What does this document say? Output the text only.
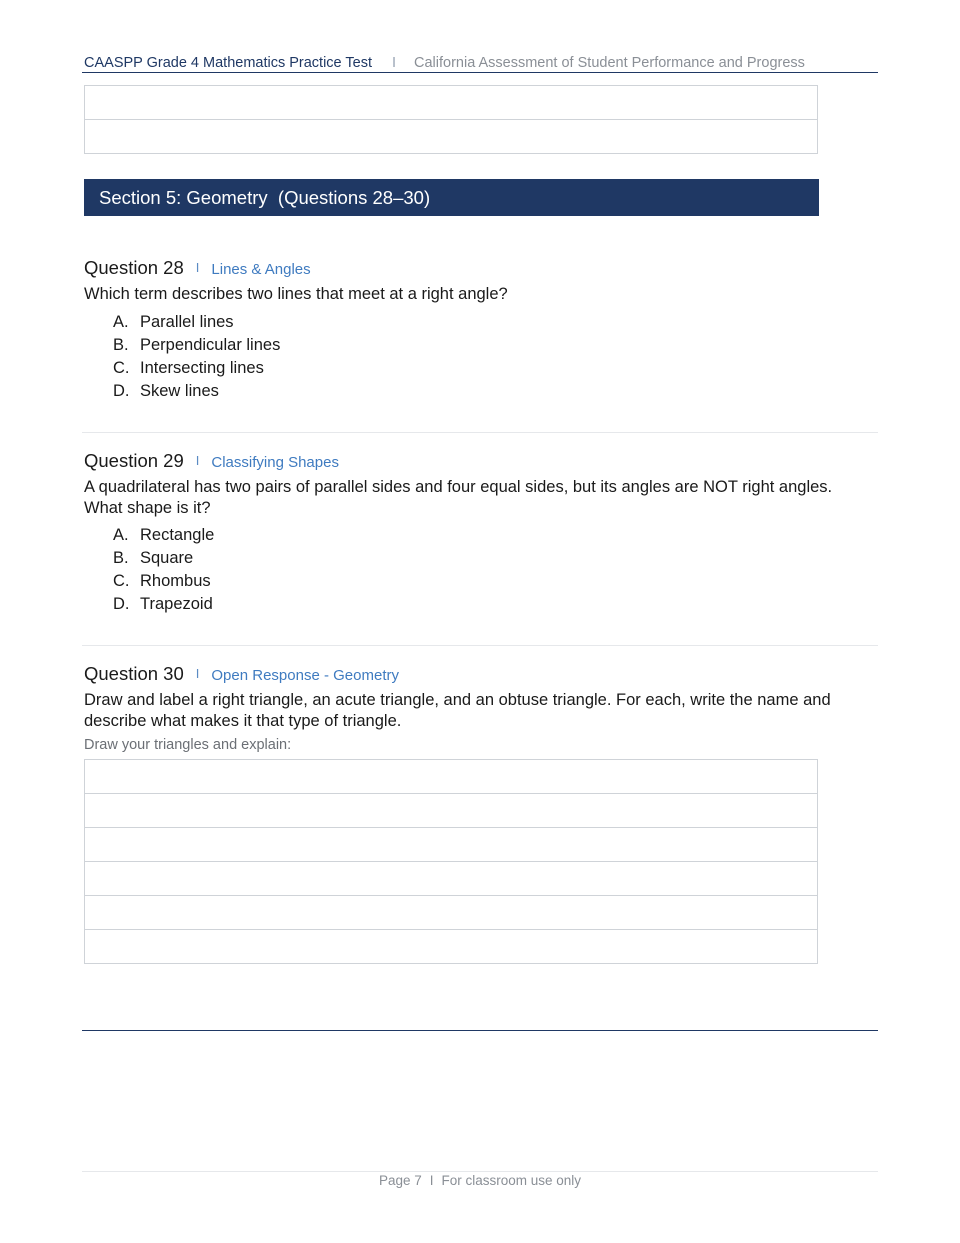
CAASPP Grade 4 Mathematics Practice Test I California Assessment of Student Performance and Progress
Section 5: Geometry  (Questions 28–30)
Question 28 I Lines & Angles
Which term describes two lines that meet at a right angle?
A. Parallel lines
B. Perpendicular lines
C. Intersecting lines
D. Skew lines
Question 29 I Classifying Shapes
A quadrilateral has two pairs of parallel sides and four equal sides, but its angles are NOT right angles. What shape is it?
A. Rectangle
B. Square
C. Rhombus
D. Trapezoid
Question 30 I Open Response - Geometry
Draw and label a right triangle, an acute triangle, and an obtuse triangle. For each, write the name and describe what makes it that type of triangle.
Draw your triangles and explain:
Page 7 I For classroom use only
